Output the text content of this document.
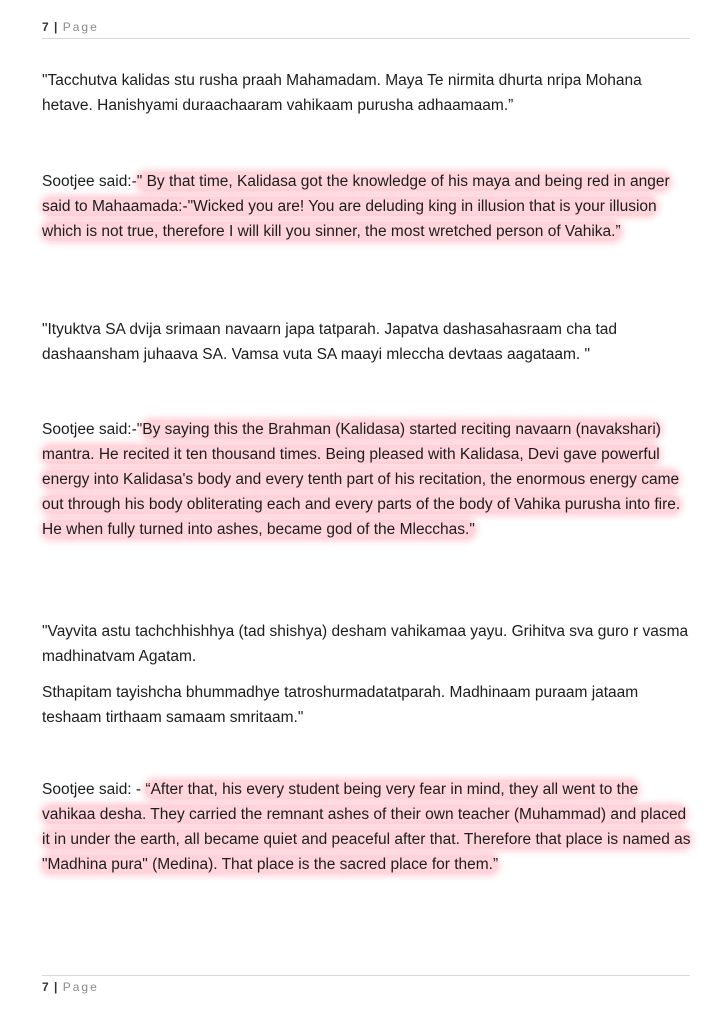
7 | Page

"Tacchutva kalidas stu rusha praah Mahamadam. Maya Te nirmita dhurta nripa Mohana hetave. Hanishyami duraachaaram vahikaam purusha adhaamaam.”

Sootjee said:-" By that time, Kalidasa got the knowledge of his maya and being red in anger said to Mahaamada:-"Wicked you are! You are deluding king in illusion that is your illusion which is not true, therefore I will kill you sinner, the most wretched person of Vahika.”

"Ityuktva SA dvija srimaan navaarn japa tatparah. Japatva dashasahasraam cha tad dashaansham juhaava SA. Vamsa vuta SA maayi mleccha devtaas aagataam. "

Sootjee said:-"By saying this the Brahman (Kalidasa) started reciting navaarn (navakshari) mantra. He recited it ten thousand times. Being pleased with Kalidasa, Devi gave powerful energy into Kalidasa's body and every tenth part of his recitation, the enormous energy came out through his body obliterating each and every parts of the body of Vahika purusha into fire. He when fully turned into ashes, became god of the Mlecchas."

"Vayvita astu tachchhishhya (tad shishya) desham vahikamaa yayu. Grihitva sva guro r vasma madhinatvam Agatam.

Sthapitam tayishcha bhummadhye tatroshurmadatatparah. Madhinaam puraam jataam teshaam tirthaam samaam smritaam."

Sootjee said: - “After that, his every student being very fear in mind, they all went to the vahikaa desha. They carried the remnant ashes of their own teacher (Muhammad) and placed it in under the earth, all became quiet and peaceful after that. Therefore that place is named as "Madhina pura" (Medina). That place is the sacred place for them.”

7 | Page
